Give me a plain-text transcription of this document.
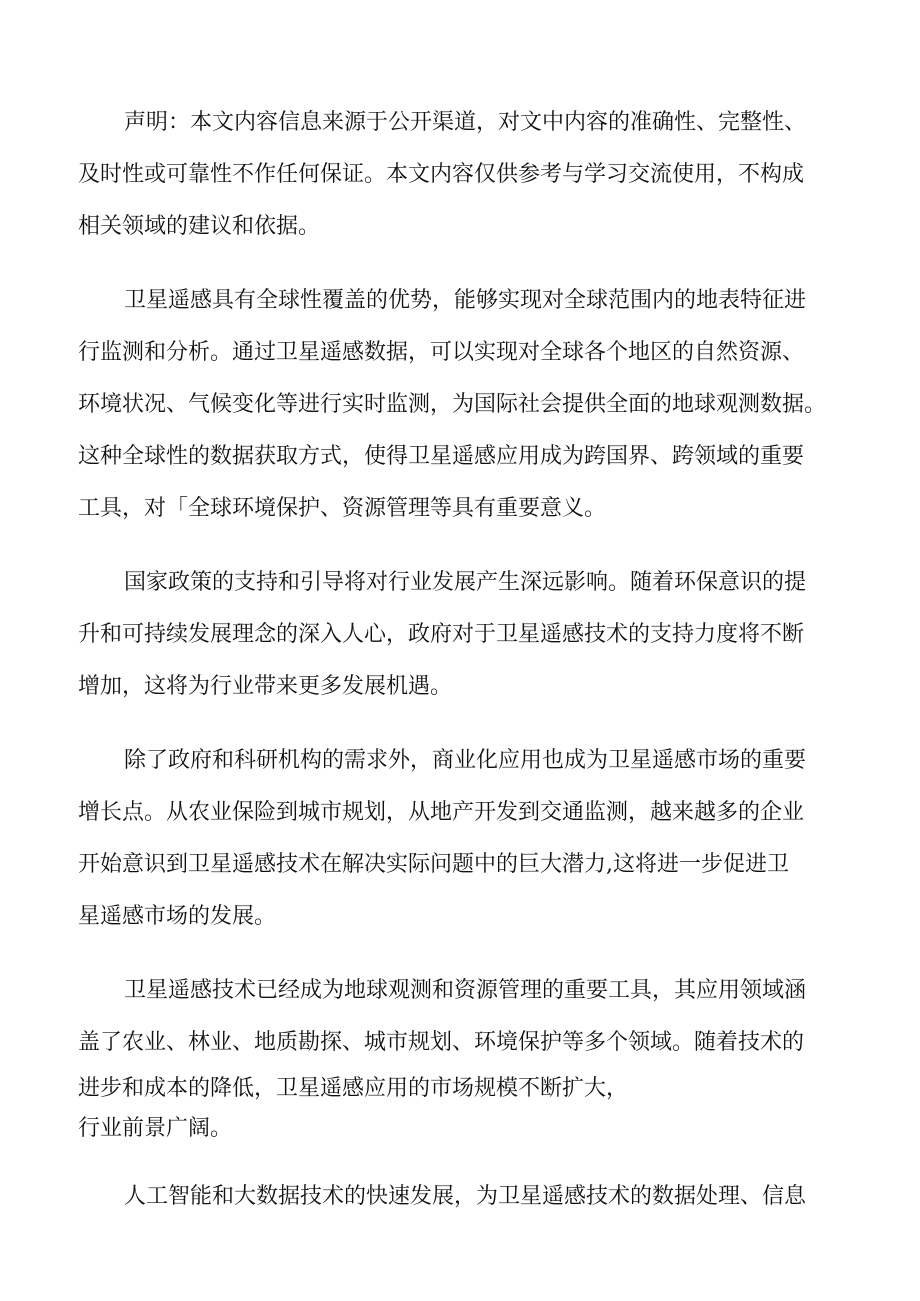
声明：本文内容信息来源于公开渠道，对文中内容的准确性、完整性、
及时性或可靠性不作任何保证。本文内容仅供参考与学习交流使用，不构成
相关领域的建议和依据。

卫星遥感具有全球性覆盖的优势，能够实现对全球范围内的地表特征进
行监测和分析。通过卫星遥感数据，可以实现对全球各个地区的自然资源、
环境状况、气候变化等进行实时监测，为国际社会提供全面的地球观测数据。
这种全球性的数据获取方式，使得卫星遥感应用成为跨国界、跨领域的重要
工具，对「全球环境保护、资源管理等具有重要意义。

国家政策的支持和引导将对行业发展产生深远影响。随着环保意识的提
升和可持续发展理念的深入人心，政府对于卫星遥感技术的支持力度将不断
增加，这将为行业带来更多发展机遇。

除了政府和科研机构的需求外，商业化应用也成为卫星遥感市场的重要
增长点。从农业保险到城市规划，从地产开发到交通监测，越来越多的企业
开始意识到卫星遥感技术在解决实际问题中的巨大潜力,这将进一步促进卫
星遥感市场的发展。

卫星遥感技术已经成为地球观测和资源管理的重要工具，其应用领域涵
盖了农业、林业、地质勘探、城市规划、环境保护等多个领域。随着技术的
进步和成本的降低，卫星遥感应用的市场规模不断扩大，
行业前景广阔。

人工智能和大数据技术的快速发展，为卫星遥感技术的数据处理、信息
